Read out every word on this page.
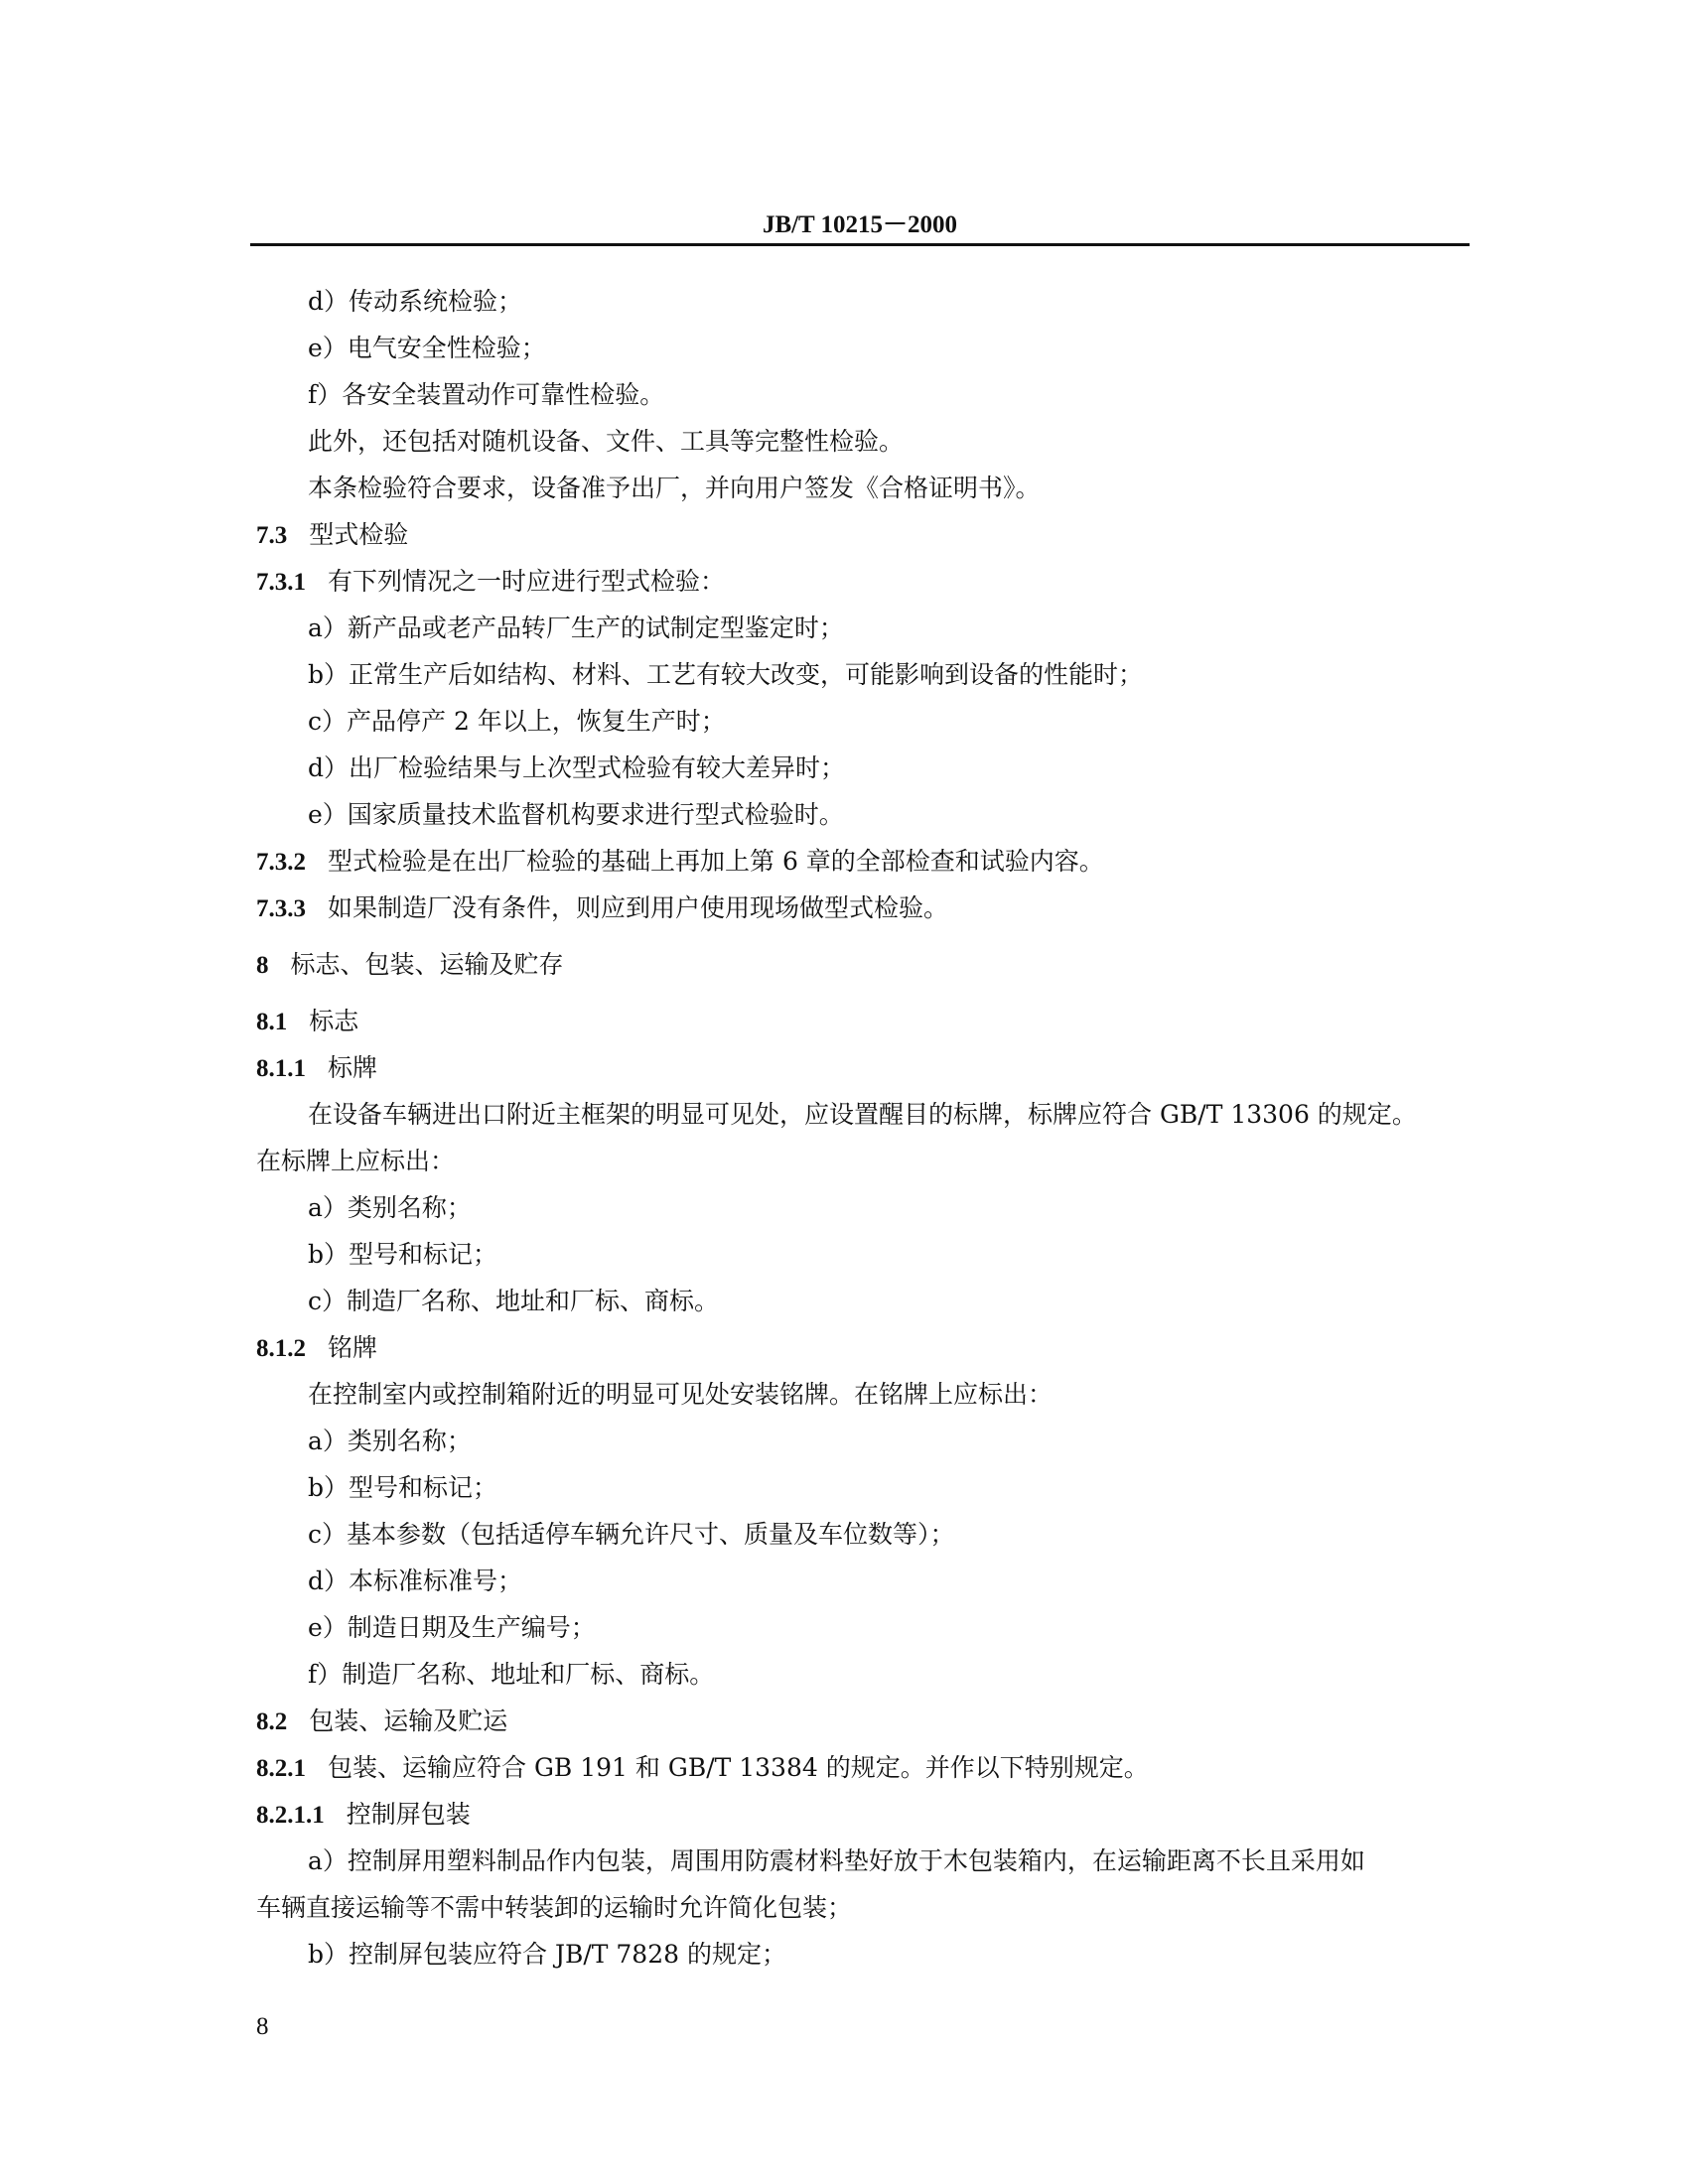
JB/T 10215－2000
d）传动系统检验；
e）电气安全性检验；
f）各安全装置动作可靠性检验。
此外，还包括对随机设备、文件、工具等完整性检验。
本条检验符合要求，设备准予出厂，并向用户签发《合格证明书》。
7.3 型式检验
7.3.1 有下列情况之一时应进行型式检验：
a）新产品或老产品转厂生产的试制定型鉴定时；
b）正常生产后如结构、材料、工艺有较大改变，可能影响到设备的性能时；
c）产品停产 2 年以上，恢复生产时；
d）出厂检验结果与上次型式检验有较大差异时；
e）国家质量技术监督机构要求进行型式检验时。
7.3.2 型式检验是在出厂检验的基础上再加上第 6 章的全部检查和试验内容。
7.3.3 如果制造厂没有条件，则应到用户使用现场做型式检验。
8 标志、包装、运输及贮存
8.1 标志
8.1.1 标牌
在设备车辆进出口附近主框架的明显可见处，应设置醒目的标牌，标牌应符合 GB/T 13306 的规定。
在标牌上应标出：
a）类别名称；
b）型号和标记；
c）制造厂名称、地址和厂标、商标。
8.1.2 铭牌
在控制室内或控制箱附近的明显可见处安装铭牌。在铭牌上应标出：
a）类别名称；
b）型号和标记；
c）基本参数（包括适停车辆允许尺寸、质量及车位数等）；
d）本标准标准号；
e）制造日期及生产编号；
f）制造厂名称、地址和厂标、商标。
8.2 包装、运输及贮运
8.2.1 包装、运输应符合 GB 191 和 GB/T 13384 的规定。并作以下特别规定。
8.2.1.1 控制屏包装
a）控制屏用塑料制品作内包装，周围用防震材料垫好放于木包装箱内，在运输距离不长且采用如
车辆直接运输等不需中转装卸的运输时允许简化包装；
b）控制屏包装应符合 JB/T 7828 的规定；
8
